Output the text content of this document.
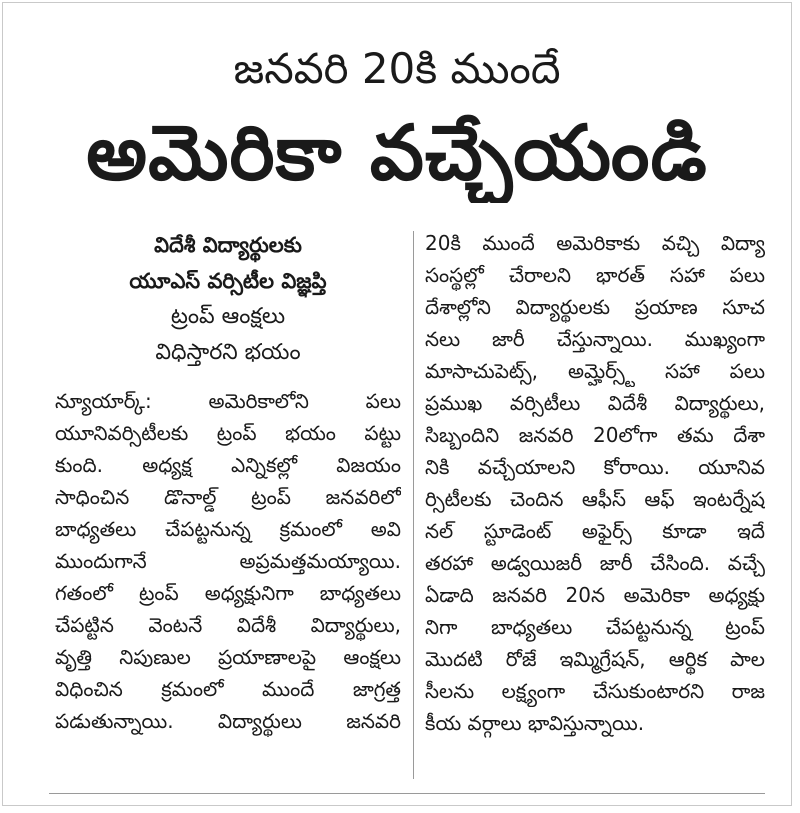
జనవరి 20కి ముందే
అమెరికా వచ్చేయండి
విదేశీ విద్యార్థులకు
యూఎస్ వర్సిటీల విజ్ఞప్తి
ట్రంప్ ఆంక్షలు
విధిస్తారని భయం
న్యూయార్క్: అమెరికాలోని పలు
యూనివర్సిటీలకు ట్రంప్ భయం పట్టు
కుంది. అధ్యక్ష ఎన్నికల్లో విజయం
సాధించిన డొనాల్డ్ ట్రంప్ జనవరిలో
బాధ్యతలు చేపట్టనున్న క్రమంలో అవి
ముందుగానే అప్రమత్తమయ్యాయి.
గతంలో ట్రంప్ అధ్యక్షునిగా బాధ్యతలు
చేపట్టిన వెంటనే విదేశీ విద్యార్థులు,
వృత్తి నిపుణుల ప్రయాణాలపై ఆంక్షలు
విధించిన క్రమంలో ముందే జాగ్రత్త
పడుతున్నాయి. విద్యార్థులు జనవరి
20కి ముందే అమెరికాకు వచ్చి విద్యా
సంస్థల్లో చేరాలని భారత్ సహా పలు
దేశాల్లోని విద్యార్థులకు ప్రయాణ సూచ
నలు జారీ చేస్తున్నాయి. ముఖ్యంగా
మాసాచుపెట్స్, అమ్హెర్స్ట్ సహా పలు
ప్రముఖ వర్సిటీలు విదేశీ విద్యార్థులు,
సిబ్బందిని జనవరి 20లోగా తమ దేశా
నికి వచ్చేయాలని కోరాయి. యూనివ
ర్సిటీలకు చెందిన ఆఫీస్ ఆఫ్ ఇంటర్నేష
నల్ స్టూడెంట్ అఫైర్స్ కూడా ఇదే
తరహా అడ్వయిజరీ జారీ చేసింది. వచ్చే
ఏడాది జనవరి 20న అమెరికా అధ్యక్షు
నిగా బాధ్యతలు చేపట్టనున్న ట్రంప్
మొదటి రోజే ఇమ్మిగ్రేషన్, ఆర్థిక పాల
సీలను లక్ష్యంగా చేసుకుంటారని రాజ
కీయ వర్గాలు భావిస్తున్నాయి.
